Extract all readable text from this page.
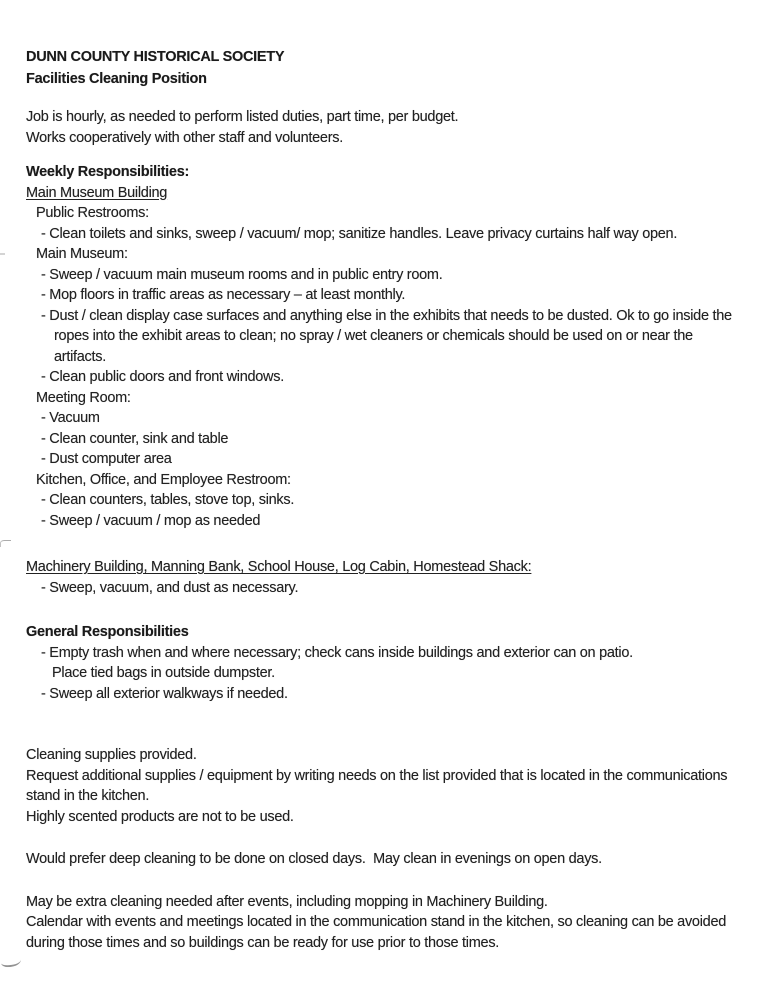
DUNN COUNTY HISTORICAL SOCIETY
Facilities Cleaning Position
Job is hourly, as needed to perform listed duties, part time, per budget.
Works cooperatively with other staff and volunteers.
Weekly Responsibilities:
Main Museum Building
Public Restrooms:
- Clean toilets and sinks, sweep / vacuum/ mop; sanitize handles. Leave privacy curtains half way open.
Main Museum:
- Sweep / vacuum main museum rooms and in public entry room.
- Mop floors in traffic areas as necessary – at least monthly.
- Dust / clean display case surfaces and anything else in the exhibits that needs to be dusted. Ok to go inside the ropes into the exhibit areas to clean; no spray / wet cleaners or chemicals should be used on or near the artifacts.
- Clean public doors and front windows.
Meeting Room:
- Vacuum
- Clean counter, sink and table
- Dust computer area
Kitchen, Office, and Employee Restroom:
- Clean counters, tables, stove top, sinks.
- Sweep / vacuum / mop as needed
Machinery Building, Manning Bank, School House, Log Cabin, Homestead Shack:
- Sweep, vacuum, and dust as necessary.
General Responsibilities
- Empty trash when and where necessary; check cans inside buildings and exterior can on patio.
Place tied bags in outside dumpster.
- Sweep all exterior walkways if needed.
Cleaning supplies provided.
Request additional supplies / equipment by writing needs on the list provided that is located in the communications stand in the kitchen.
Highly scented products are not to be used.
Would prefer deep cleaning to be done on closed days.  May clean in evenings on open days.
May be extra cleaning needed after events, including mopping in Machinery Building.
Calendar with events and meetings located in the communication stand in the kitchen, so cleaning can be avoided during those times and so buildings can be ready for use prior to those times.
